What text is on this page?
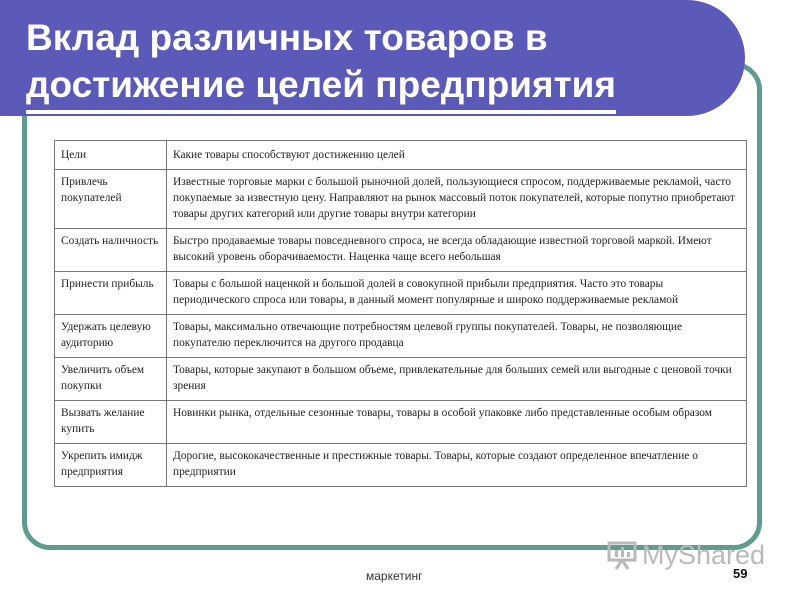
Вклад различных товаров в
достижение целей предприятия
Цели	Какие товары способствуют достижению целей
Привлечь покупателей	Известные торговые марки с большой рыночной долей, пользующиеся спросом, поддерживаемые рекламой, часто покупаемые за известную цену. Направляют на рынок массовый поток покупателей, которые попутно приобретают товары других категорий или другие товары внутри категории
Создать наличность	Быстро продаваемые товары повседневного спроса, не всегда обладающие известной торговой маркой. Имеют высокий уровень оборачиваемости. Наценка чаще всего небольшая
Принести прибыль	Товары с большой наценкой и большой долей в совокупной прибыли предприятия. Часто это товары периодического спроса или товары, в данный момент популярные и широко поддерживаемые рекламой
Удержать целевую аудиторию	Товары, максимально отвечающие потребностям целевой группы покупателей. Товары, не позволяющие покупателю переключится на другого продавца
Увеличить объем покупки	Товары, которые закупают в большом объеме, привлекательные для больших семей или выгодные с ценовой точки зрения
Вызвать желание купить	Новинки рынка, отдельные сезонные товары, товары в особой упаковке либо представленные особым образом
Укрепить имидж предприятия	Дорогие, высококачественные и престижные товары. Товары, которые создают определенное впечатление о предприятии
MyShared
маркетинг	59
